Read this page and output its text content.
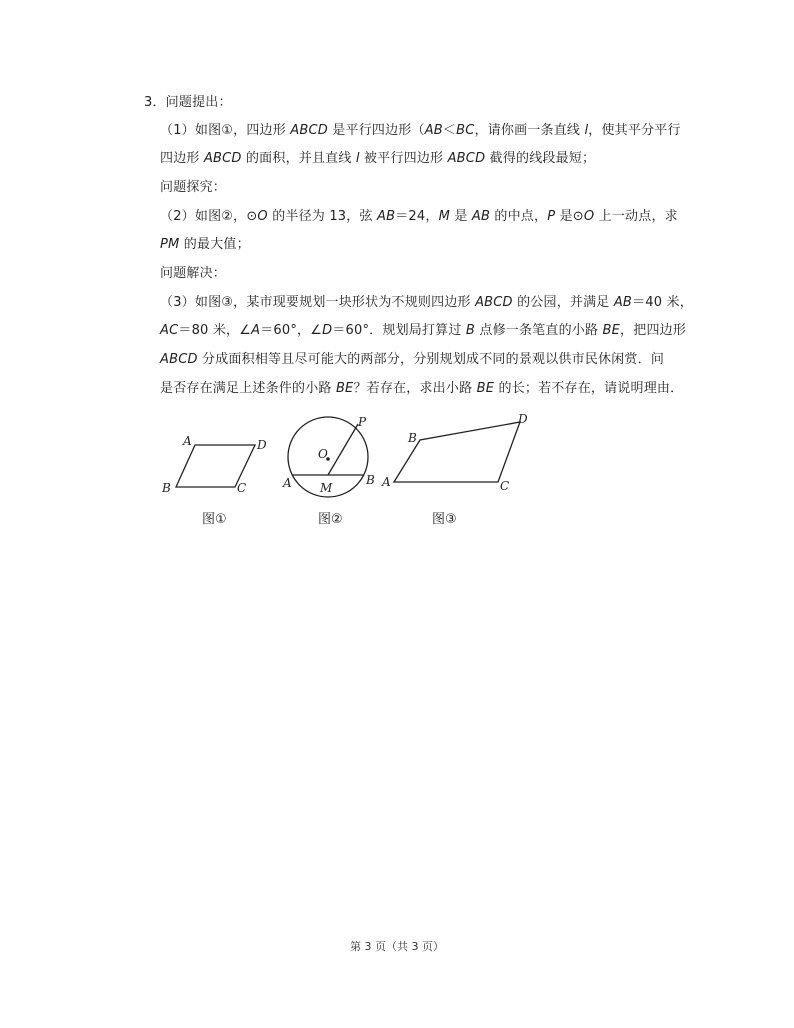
3．问题提出：
（1）如图①，四边形 ABCD 是平行四边形（AB＜BC，请你画一条直线 l，使其平分平行
四边形 ABCD 的面积，并且直线 l 被平行四边形 ABCD 截得的线段最短；
问题探究：
（2）如图②，⊙O 的半径为 13，弦 AB＝24，M 是 AB 的中点，P 是⊙O 上一动点，求
PM 的最大值；
问题解决：
（3）如图③，某市现要规划一块形状为不规则四边形 ABCD 的公园，并满足 AB＝40 米，
AC＝80 米，∠A＝60°，∠D＝60°．规划局打算过 B 点修一条笔直的小路 BE，把四边形
ABCD 分成面积相等且尽可能大的两部分，分别规划成不同的景观以供市民休闲赏．问
是否存在满足上述条件的小路 BE？若存在，求出小路 BE 的长；若不存在，请说明理由．
A	D
B	C
图①
O
P
A	B
M
图②
A
B
D
C
图③
第 3 页（共 3 页）
